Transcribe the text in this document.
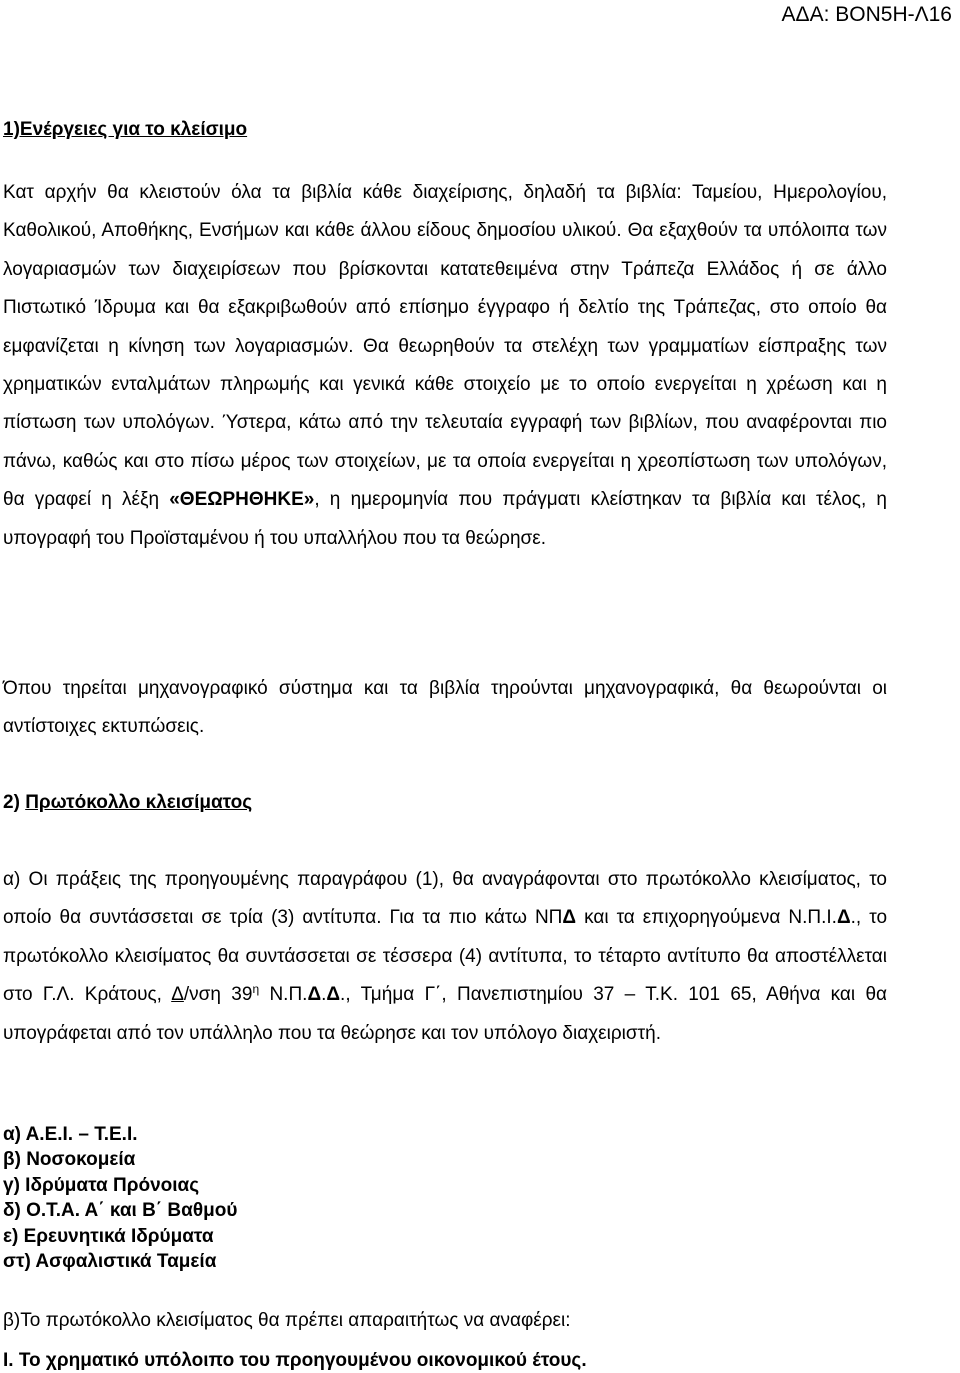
ΑΔΑ: ΒΟΝ5Η-Λ16
1)Ενέργειες για το κλείσιμο
Κατ αρχήν θα κλειστούν όλα τα βιβλία κάθε διαχείρισης, δηλαδή τα βιβλία: Ταμείου, Ημερολογίου, Καθολικού, Αποθήκης, Ενσήμων και κάθε άλλου είδους δημοσίου υλικού. Θα εξαχθούν τα υπόλοιπα των λογαριασμών των διαχειρίσεων που βρίσκονται κατατεθειμένα στην Τράπεζα Ελλάδος ή σε άλλο Πιστωτικό Ίδρυμα και θα εξακριβωθούν από επίσημο έγγραφο ή δελτίο της Τράπεζας, στο οποίο θα εμφανίζεται η κίνηση των λογαριασμών. Θα θεωρηθούν τα στελέχη των γραμματίων είσπραξης των χρηματικών ενταλμάτων πληρωμής και γενικά κάθε στοιχείο με το οποίο ενεργείται η χρέωση και η πίστωση των υπολόγων. Ύστερα, κάτω από την τελευταία εγγραφή των βιβλίων, που αναφέρονται πιο πάνω, καθώς και στο πίσω μέρος των στοιχείων, με τα οποία ενεργείται η χρεοπίστωση των υπολόγων, θα γραφεί η λέξη «ΘΕΩΡΗΘΗΚΕ», η ημερομηνία που πράγματι κλείστηκαν τα βιβλία και τέλος, η υπογραφή του Προϊσταμένου ή του υπαλλήλου που τα θεώρησε.
Όπου τηρείται μηχανογραφικό σύστημα και τα βιβλία τηρούνται μηχανογραφικά, θα θεωρούνται οι αντίστοιχες εκτυπώσεις.
2) Πρωτόκολλο κλεισίματος
α) Οι πράξεις της προηγουμένης παραγράφου (1), θα αναγράφονται στο πρωτόκολλο κλεισίματος, το οποίο θα συντάσσεται σε τρία (3) αντίτυπα. Για τα πιο κάτω ΝΠΔ και τα επιχορηγούμενα Ν.Π.Ι.Δ., το πρωτόκολλο κλεισίματος θα συντάσσεται σε τέσσερα (4) αντίτυπα, το τέταρτο αντίτυπο θα αποστέλλεται στο Γ.Λ. Κράτους, Δ/νση $39^\eta$ Ν.Π.Δ.Δ., Τμήμα Γ΄, Πανεπιστημίου 37 – Τ.Κ. 101 65, Αθήνα και θα υπογράφεται από τον υπάλληλο που τα θεώρησε και τον υπόλογο διαχειριστή.
α) Α.Ε.Ι. – Τ.Ε.Ι.
β) Νοσοκομεία
γ) Ιδρύματα Πρόνοιας
δ) Ο.Τ.Α. Α΄ και Β΄ Βαθμού
ε) Ερευνητικά Ιδρύματα
στ) Ασφαλιστικά Ταμεία
β)Το πρωτόκολλο κλεισίματος θα πρέπει απαραιτήτως να αναφέρει:
Ι. Το χρηματικό υπόλοιπο του προηγουμένου οικονομικού έτους.
